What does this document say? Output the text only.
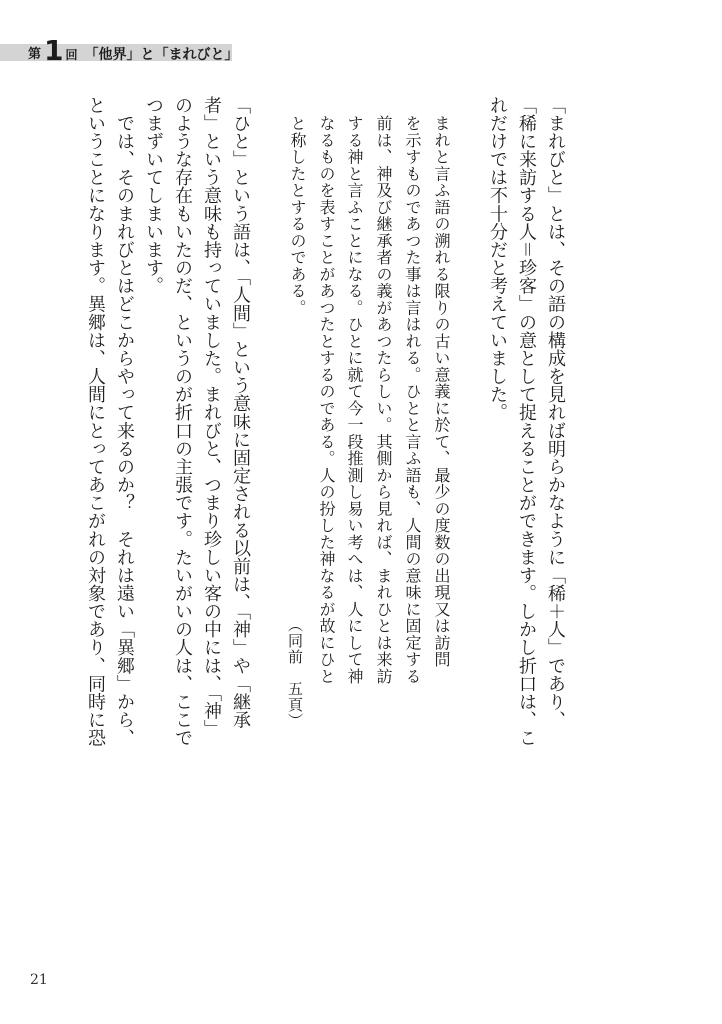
第 1 回 「他界」と「まれびと」
「まれびと」とは、その語の構成を見れば明らかなように「稀＋人」であり、
「稀に来訪する人＝珍客」の意として捉えることができます。しかし折口は、こ
れだけでは不十分だと考えていました。
まれと言ふ語の溯れる限りの古い意義に於て、最少の度数の出現又は訪問
を示すものであつた事は言はれる。ひとと言ふ語も、人間の意味に固定する
前は、神及び継承者の義があつたらしい。其側から見れば、まれひとは来訪
する神と言ふことになる。ひとに就て今一段推測し易い考へは、人にして神
なるものを表すことがあつたとするのである。人の扮した神なるが故にひと
と称したとするのである。
（同前　五頁）
「ひと」という語は、「人間」という意味に固定される以前は、「神」や「継承
者」という意味も持っていました。まれびと、つまり珍しい客の中には、「神」
のような存在もいたのだ、というのが折口の主張です。たいがいの人は、ここで
つまずいてしまいます。
　では、そのまれびとはどこからやって来るのか？　それは遠い「異郷」から、
ということになります。異郷は、人間にとってあこがれの対象であり、同時に恐
21
